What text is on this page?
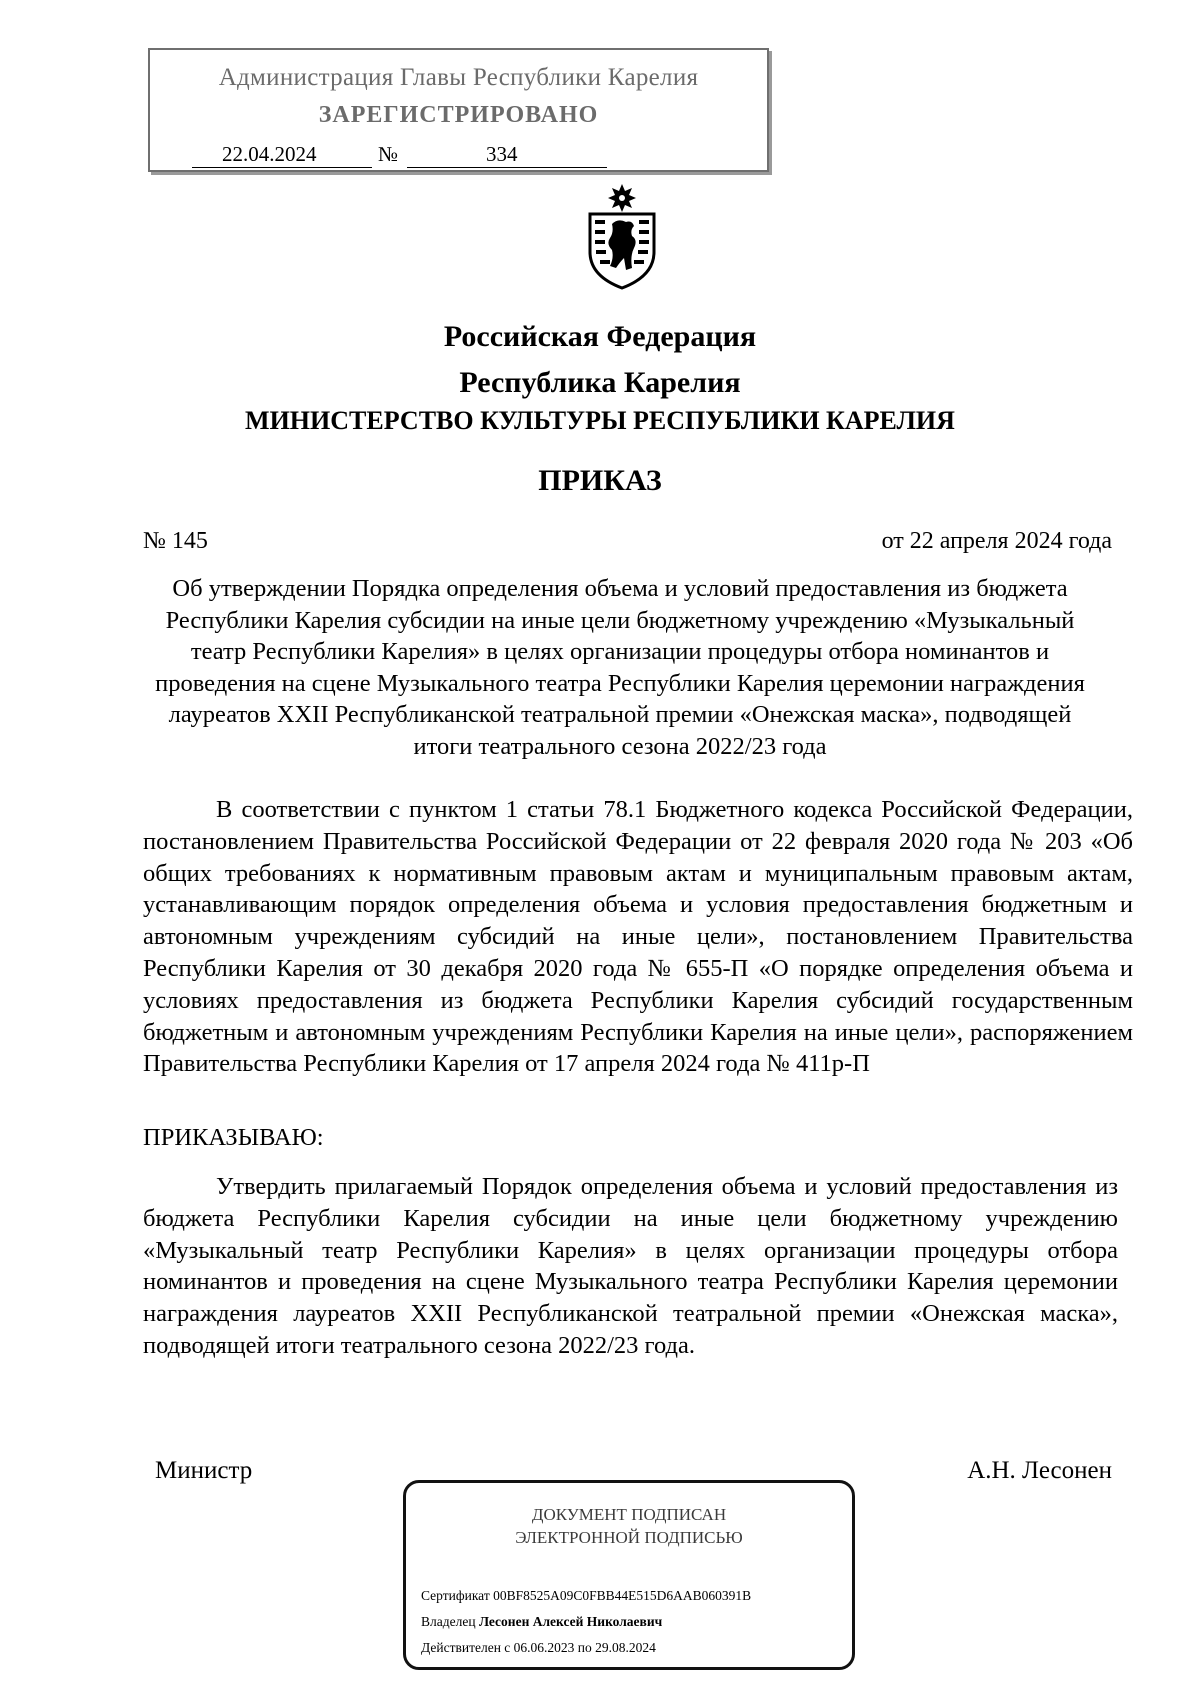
Администрация Главы Республики Карелия
ЗАРЕГИСТРИРОВАНО
22.04.2024	№	334
Российская Федерация
Республика Карелия
МИНИСТЕРСТВО КУЛЬТУРЫ РЕСПУБЛИКИ КАРЕЛИЯ
ПРИКАЗ
№ 145	от 22 апреля 2024 года
Об утверждении Порядка определения объема и условий предоставления из бюджета Республики Карелия субсидии на иные цели бюджетному учреждению «Музыкальный театр Республики Карелия» в целях организации процедуры отбора номинантов и проведения на сцене Музыкального театра Республики Карелия церемонии награждения лауреатов XXII Республиканской театральной премии «Онежская маска», подводящей итоги театрального сезона 2022/23 года
В соответствии с пунктом 1 статьи 78.1 Бюджетного кодекса Российской Федерации, постановлением Правительства Российской Федерации от 22 февраля 2020 года № 203 «Об общих требованиях к нормативным правовым актам и муниципальным правовым актам, устанавливающим порядок определения объема и условия предоставления бюджетным и автономным учреждениям субсидий на иные цели», постановлением Правительства Республики Карелия от 30 декабря 2020 года № 655-П «О порядке определения объема и условиях предоставления из бюджета Республики Карелия субсидий государственным бюджетным и автономным учреждениям Республики Карелия на иные цели», распоряжением Правительства Республики Карелия от 17 апреля 2024 года № 411р-П
ПРИКАЗЫВАЮ:
Утвердить прилагаемый Порядок определения объема и условий предоставления из бюджета Республики Карелия субсидии на иные цели бюджетному учреждению «Музыкальный театр Республики Карелия» в целях организации процедуры отбора номинантов и проведения на сцене Музыкального театра Республики Карелия церемонии награждения лауреатов XXII Республиканской театральной премии «Онежская маска», подводящей итоги театрального сезона 2022/23 года.
Министр	А.Н. Лесонен
ДОКУМЕНТ ПОДПИСАН
ЭЛЕКТРОННОЙ ПОДПИСЬЮ
Сертификат 00BF8525A09C0FBB44E515D6AAB060391B
Владелец Лесонен Алексей Николаевич
Действителен с 06.06.2023 по 29.08.2024
